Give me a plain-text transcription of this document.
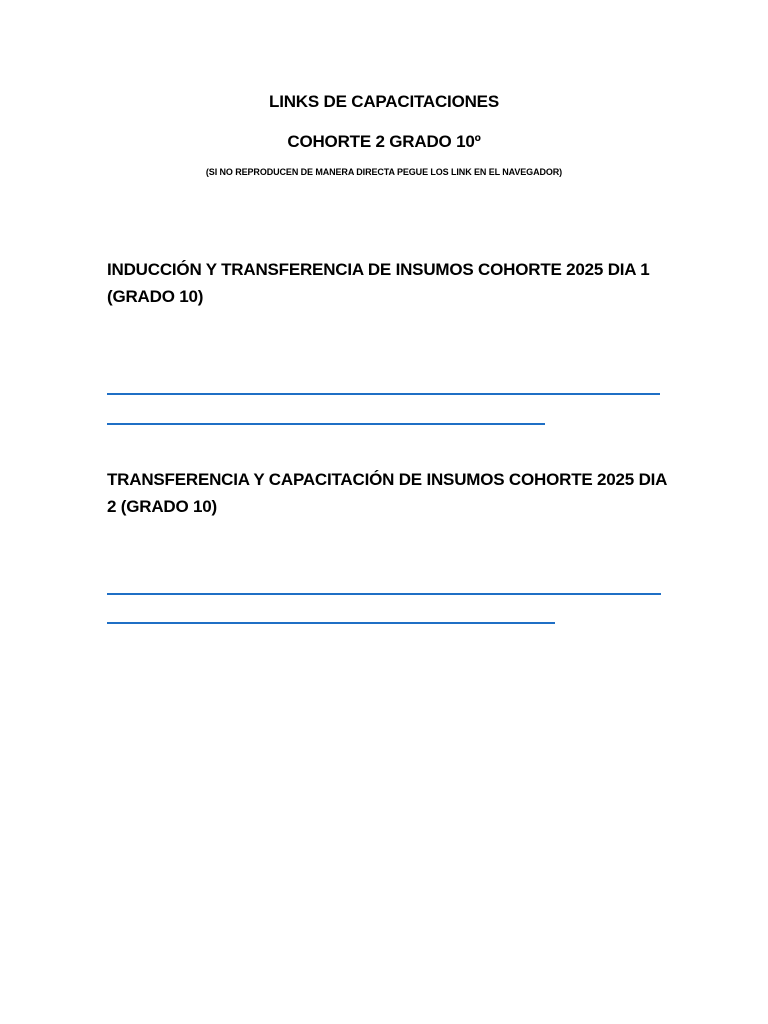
LINKS DE CAPACITACIONES

COHORTE 2 GRADO 10º

(SI NO REPRODUCEN DE MANERA DIRECTA PEGUE LOS LINK EN EL NAVEGADOR)

INDUCCIÓN Y TRANSFERENCIA DE INSUMOS COHORTE 2025 DIA 1 (GRADO 10)

TRANSFERENCIA Y CAPACITACIÓN DE INSUMOS COHORTE 2025 DIA 2 (GRADO 10)
